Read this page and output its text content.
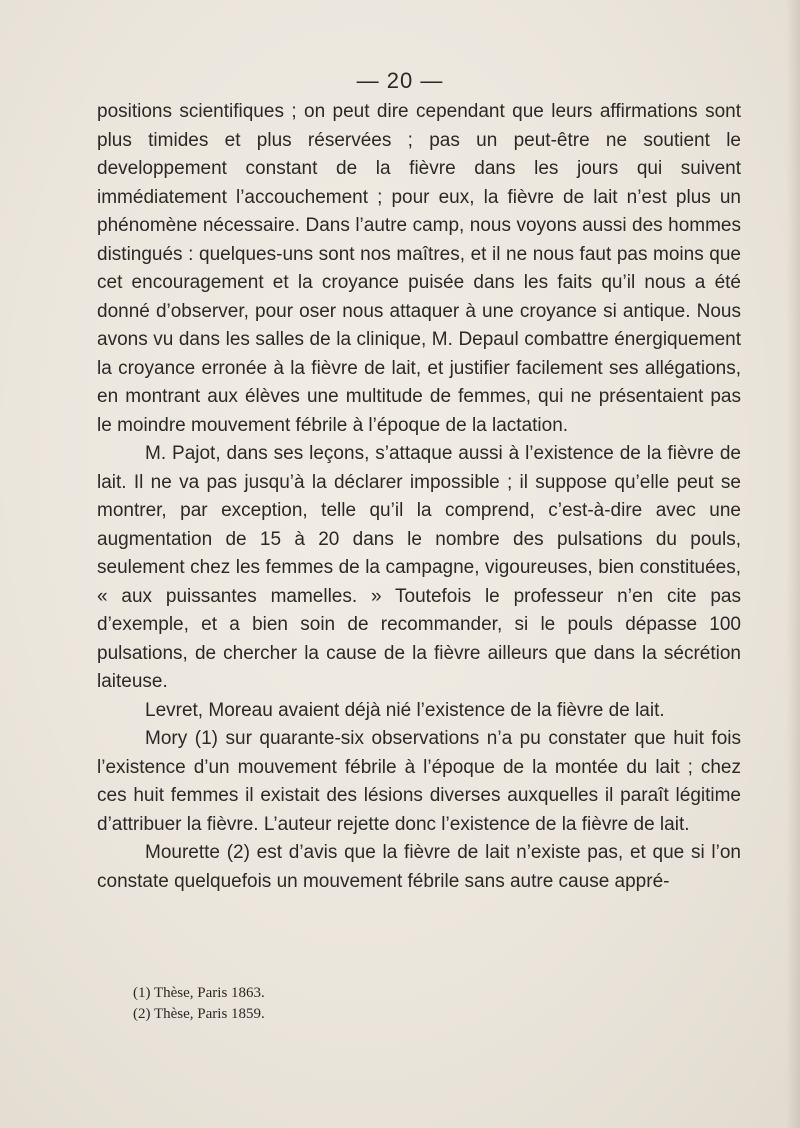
— 20 —

positions scientifiques ; on peut dire cependant que leurs affirmations sont plus timides et plus réservées ; pas un peut-être ne soutient le developpement constant de la fièvre dans les jours qui suivent immédiatement l’accouchement ; pour eux, la fièvre de lait n’est plus un phénomène nécessaire. Dans l’autre camp, nous voyons aussi des hommes distingués : quelques-uns sont nos maîtres, et il ne nous faut pas moins que cet encouragement et la croyance puisée dans les faits qu’il nous a été donné d’observer, pour oser nous attaquer à une croyance si antique. Nous avons vu dans les salles de la clinique, M. Depaul combattre énergiquement la croyance erronée à la fièvre de lait, et justifier facilement ses allégations, en montrant aux élèves une multitude de femmes, qui ne présentaient pas le moindre mouvement fébrile à l’époque de la lactation.

M. Pajot, dans ses leçons, s’attaque aussi à l’existence de la fièvre de lait. Il ne va pas jusqu’à la déclarer impossible ; il suppose qu’elle peut se montrer, par exception, telle qu’il la comprend, c’est-à-dire avec une augmentation de 15 à 20 dans le nombre des pulsations du pouls, seulement chez les femmes de la campagne, vigoureuses, bien constituées, « aux puissantes mamelles. » Toutefois le professeur n’en cite pas d’exemple, et a bien soin de recommander, si le pouls dépasse 100 pulsations, de chercher la cause de la fièvre ailleurs que dans la sécrétion laiteuse.

Levret, Moreau avaient déjà nié l’existence de la fièvre de lait.

Mory (1) sur quarante-six observations n’a pu constater que huit fois l’existence d’un mouvement fébrile à l’époque de la montée du lait ; chez ces huit femmes il existait des lésions diverses auxquelles il paraît légitime d’attribuer la fièvre. L’auteur rejette donc l’existence de la fièvre de lait.

Mourette (2) est d’avis que la fièvre de lait n’existe pas, et que si l’on constate quelquefois un mouvement fébrile sans autre cause appré-

(1) Thèse, Paris 1863.
(2) Thèse, Paris 1859.
